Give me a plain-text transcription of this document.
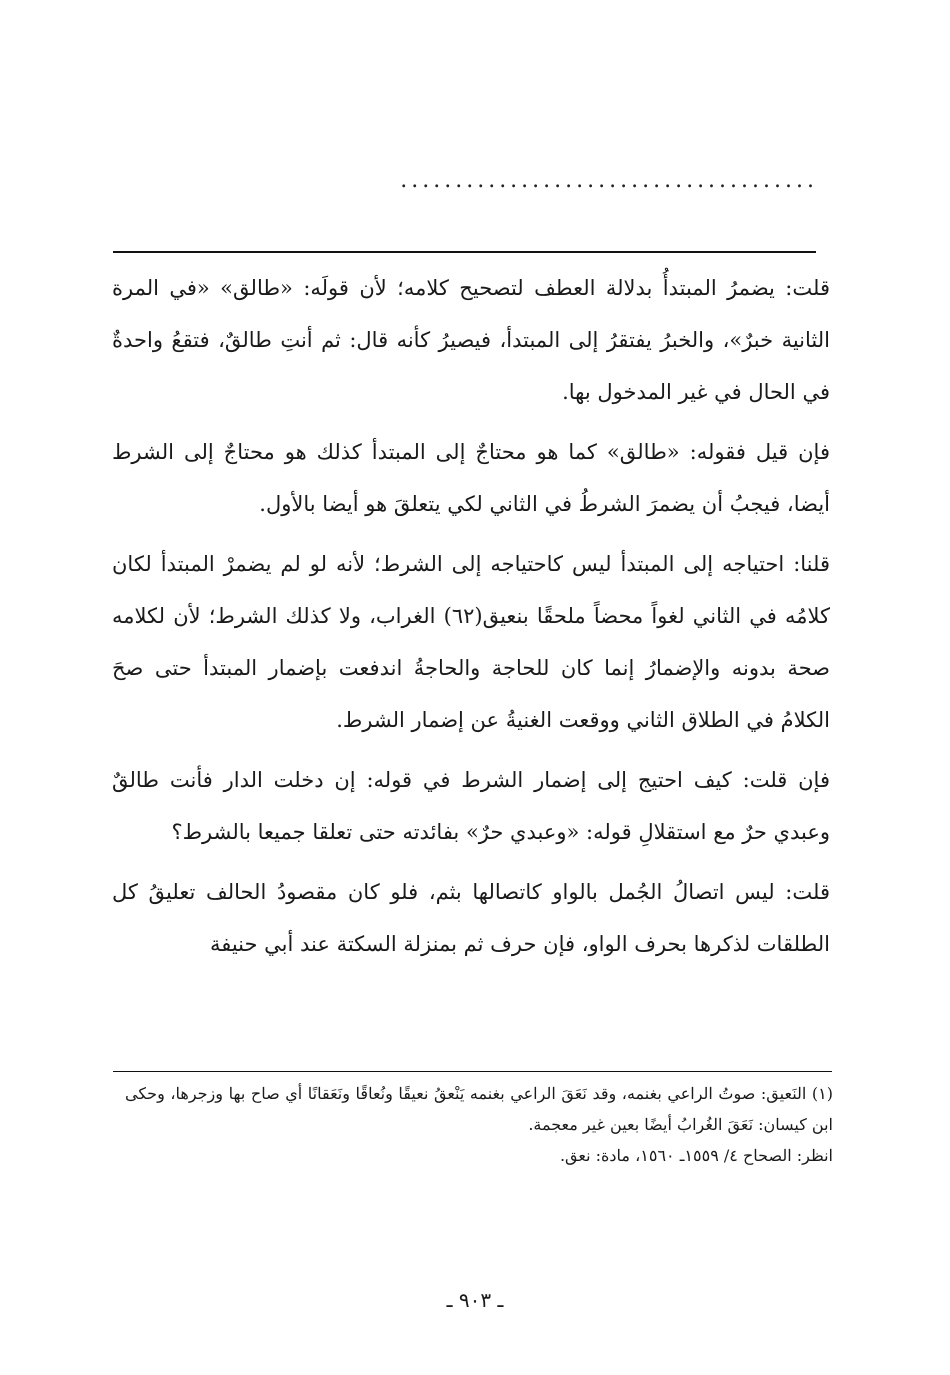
......................................

قلت: يضمرُ المبتدأُ بدلالة العطف لتصحيح كلامه؛ لأن قولَه: «طالق» «في المرة الثانية خبرٌ»، والخبرُ يفتقرُ إلى المبتدأ، فيصيرُ كأنه قال: ثم أنتِ طالقٌ، فتقعُ واحدةٌ في الحال في غير المدخول بها.

فإن قيل فقوله: «طالق» كما هو محتاجٌ إلى المبتدأ كذلك هو محتاجٌ إلى الشرط أيضا، فيجبُ أن يضمرَ الشرطُ في الثاني لكي يتعلقَ هو أيضا بالأول.

قلنا: احتياجه إلى المبتدأ ليس كاحتياجه إلى الشرط؛ لأنه لو لم يضمرْ المبتدأ لكان كلامُه في الثاني لغواً محضاً ملحقًا بنعيق(٦٢) الغراب، ولا كذلك الشرط؛ لأن لكلامه صحة بدونه والإضمارُ إنما كان للحاجة والحاجةُ اندفعت بإضمار المبتدأ حتى صحَ الكلامُ في الطلاق الثاني ووقعت الغنيةُ عن إضمار الشرط.

فإن قلت: كيف احتيج إلى إضمار الشرط في قوله: إن دخلت الدار فأنت طالقٌ وعبدي حرٌ مع استقلالِ قوله: «وعبدي حرٌ» بفائدته حتى تعلقا جميعا بالشرط؟

قلت: ليس اتصالُ الجُمل بالواو كاتصالها بثم، فلو كان مقصودُ الحالف تعليقُ كل الطلقات لذكرها بحرف الواو، فإن حرف ثم بمنزلة السكتة عند أبي حنيفة

(١) النَعيق: صوتُ الراعي بغنمه، وقد نَعَقَ الراعي بغنمه يَنْعقُ نعيقًا ونُعاقًا ونَعَقانًا أي صاح بها وزجرها، وحكى ابن كيسان: نَعَقَ الغُرابُ أيضًا بعين غير معجمة.

انظر: الصحاح ٤/ ١٥٥٩ـ ١٥٦٠، مادة: نعق.

ـ ٩٠٣ ـ
